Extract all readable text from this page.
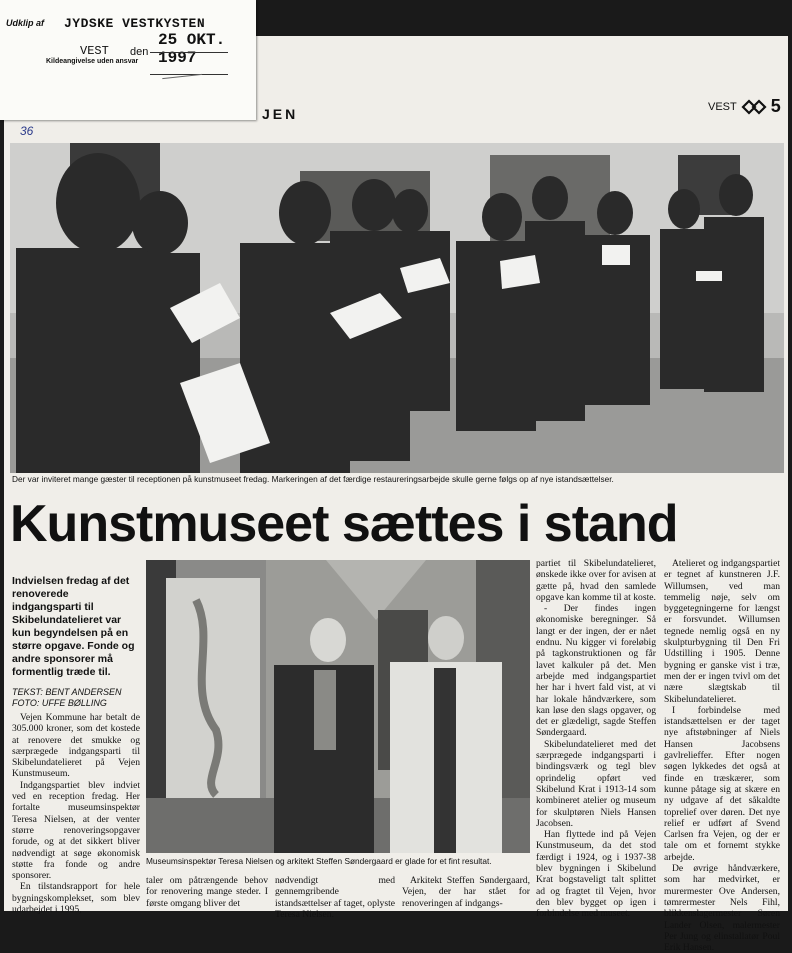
Udklip af JYDSKE VESTKYSTEN
VEST den
25 OKT. 1997
Kildeangivelse uden ansvar
JEN	VEST 5
36
Der var inviteret mange gæster til receptionen på kunstmuseet fredag. Markeringen af det færdige restaureringsarbejde skulle gerne følgs op af nye istandsættelser.
Kunstmuseet sættes i stand
Indvielsen fredag af det renoverede indgangsparti til Skibelundatelieret var kun begyndelsen på en større opgave. Fonde og andre sponsorer må formentlig træde til.
TEKST: BENT ANDERSEN
FOTO: UFFE BØLLING

Vejen Kommune har betalt de 305.000 kroner, som det kostede at renovere det smukke og særprægede indgangsparti til Skibelundatelieret på Vejen Kunstmuseum.

Indgangspartiet blev indviet ved en reception fredag. Her fortalte museumsinspektør Teresa Nielsen, at der venter større renoveringsopgaver forude, og at det sikkert bliver nødvendigt at søge økonomisk støtte fra fonde og andre sponsorer.

En tilstandsrapport for hele bygningskomplekset, som blev udarbejdet i 1995,

Museumsinspektør Teresa Nielsen og arkitekt Steffen Søndergaard er glade for et fint resultat.

taler om påtrængende behov for renovering mange steder. I første omgang bliver det

nødvendigt med gennemgribende istandsættelser af taget, oplyste Teresa Nielsen.

Arkitekt Steffen Søndergaard, Vejen, der har stået for renoveringen af indgangs-

partiet til Skibelundatelieret, ønskede ikke over for avisen at gætte på, hvad den samlede opgave kan komme til at koste.

- Der findes ingen økonomiske beregninger. Så langt er der ingen, der er nået endnu. Nu kigger vi foreløbig på tagkonstruktionen og får lavet kalkuler på det. Men arbejde med indgangspartiet her har i hvert fald vist, at vi har lokale håndværkere, som kan løse den slags opgaver, og det er glædeligt, sagde Steffen Søndergaard.

Skibelundatelieret med det særprægede indgangsparti i bindingsværk og tegl blev oprindelig opført ved Skibelund Krat i 1913-14 som kombineret atelier og museum for skulptøren Niels Hansen Jacobsen.

Han flyttede ind på Vejen Kunstmuseum, da det stod færdigt i 1924, og i 1937-38 blev bygningen i Skibelund Krat bogstaveligt talt splittet ad og fragtet til Vejen, hvor den blev bygget op igen i forbindelse med museet.

Atelieret og indgangspartiet er tegnet af kunstneren J.F. Willumsen, ved man temmelig nøje, selv om byggetegningerne for længst er forsvundet. Willumsen tegnede nemlig også en ny skulpturbygning til Den Fri Udstilling i 1905. Denne bygning er ganske vist i træ, men der er ingen tvivl om det nære slægtskab til Skibelundatelieret.

I forbindelse med istandsættelsen er der taget nye aftstøbninger af Niels Hansen Jacobsens gavlrelieffer. Efter nogen søgen lykkedes det også at finde en træskærer, som kunne påtage sig at skære en ny udgave af det såkaldte toprelief over døren. Det nye relief er udført af Svend Carlsen fra Vejen, og der er tale om et fornemt stykke arbejde.

De øvrige håndværkere, som har medvirket, er murermester Ove Andersen, tømrermester Nels Fihl, blikkenslagermester Søren Lander Olsen, malermester Per Jung og elinstallatør Poul Erik Hansen.
